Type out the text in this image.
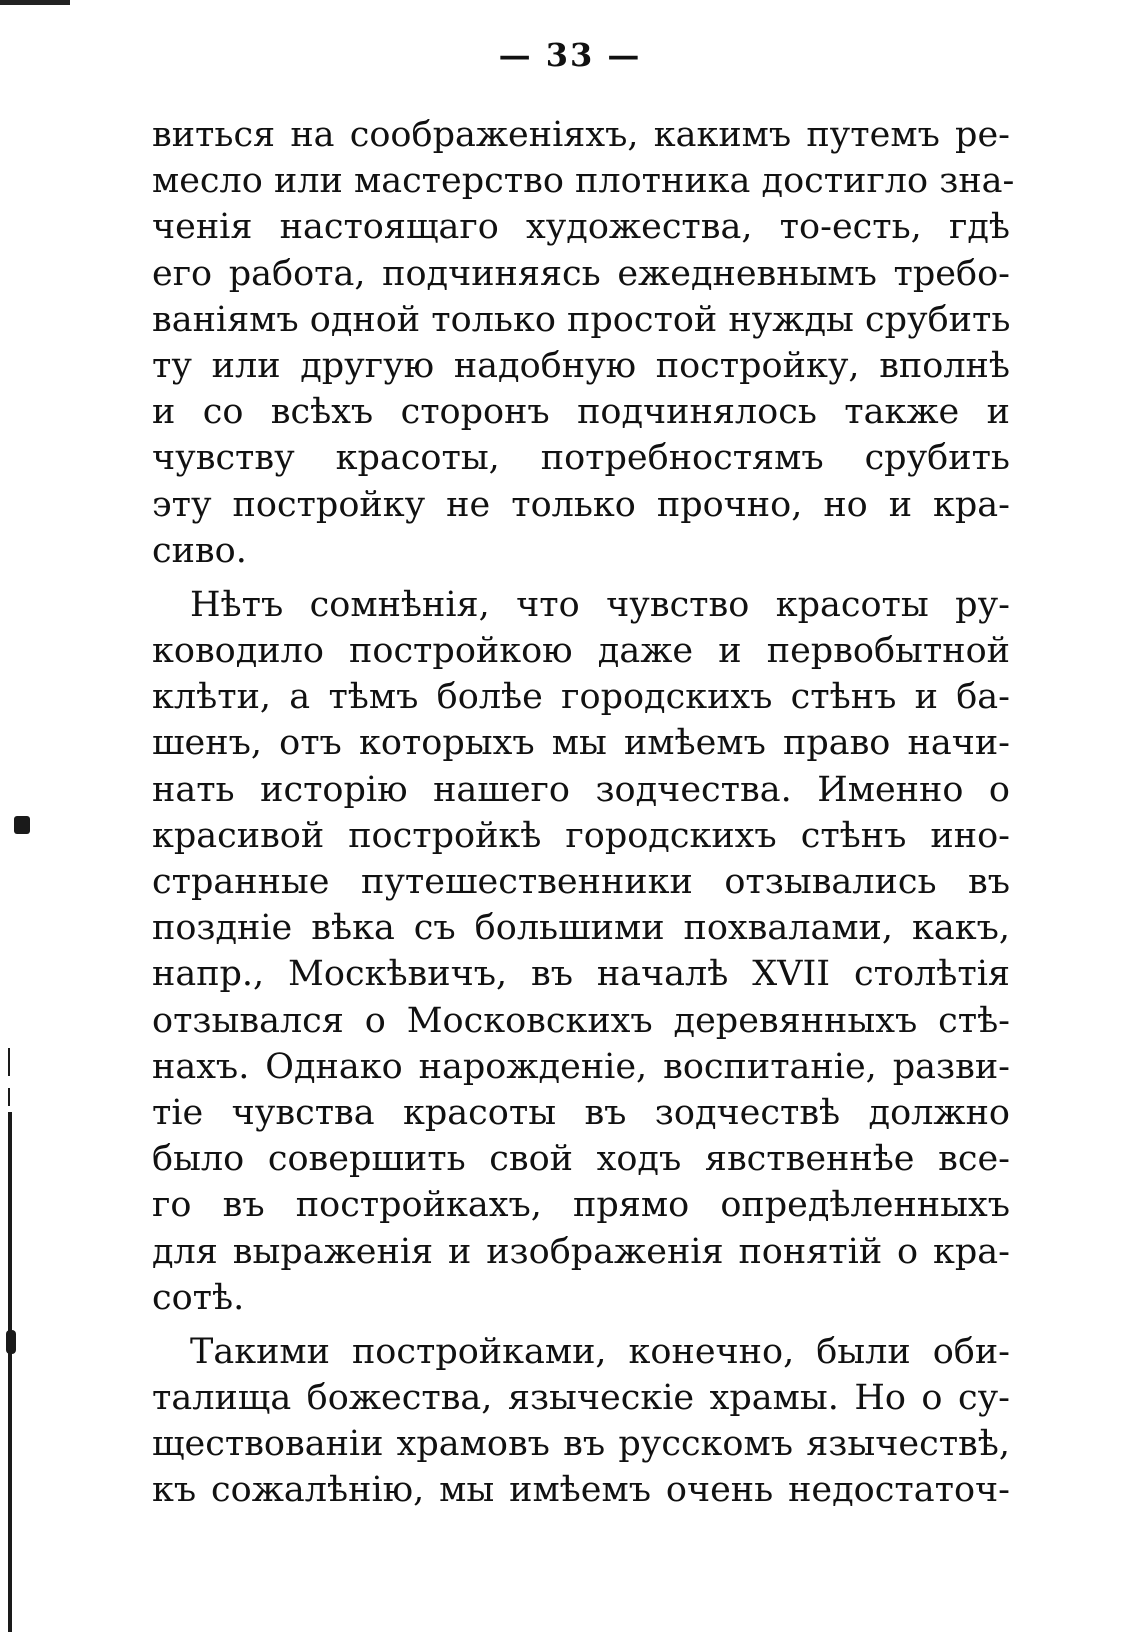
— 33 —
виться на соображеніяхъ, какимъ путемъ ре-
месло или мастерство плотника достигло зна-
ченія настоящаго художества, то-есть, гдѣ
его работа, подчиняясь ежедневнымъ требо-
ваніямъ одной только простой нужды срубить
ту или другую надобную постройку, вполнѣ
и со всѣхъ сторонъ подчинялось также и
чувству красоты, потребностямъ срубить
эту постройку не только прочно, но и кра-
сиво.
Нѣтъ сомнѣнія, что чувство красоты ру-
ководило постройкою даже и первобытной
клѣти, а тѣмъ болѣе городскихъ стѣнъ и ба-
шенъ, отъ которыхъ мы имѣемъ право начи-
нать исторію нашего зодчества. Именно о
красивой постройкѣ городскихъ стѣнъ ино-
странные путешественники отзывались въ
поздніе вѣка съ большими похвалами, какъ,
напр., Москѣвичъ, въ началѣ XVII столѣтія
отзывался о Московскихъ деревянныхъ стѣ-
нахъ. Однако нарожденіе, воспитаніе, разви-
тіе чувства красоты въ зодчествѣ должно
было совершить свой ходъ явственнѣе все-
го въ постройкахъ, прямо опредѣленныхъ
для выраженія и изображенія понятій о кра-
сотѣ.
Такими постройками, конечно, были оби-
талища божества, языческіе храмы. Но о су-
ществованіи храмовъ въ русскомъ язычествѣ,
къ сожалѣнію, мы имѣемъ очень недостаточ-
